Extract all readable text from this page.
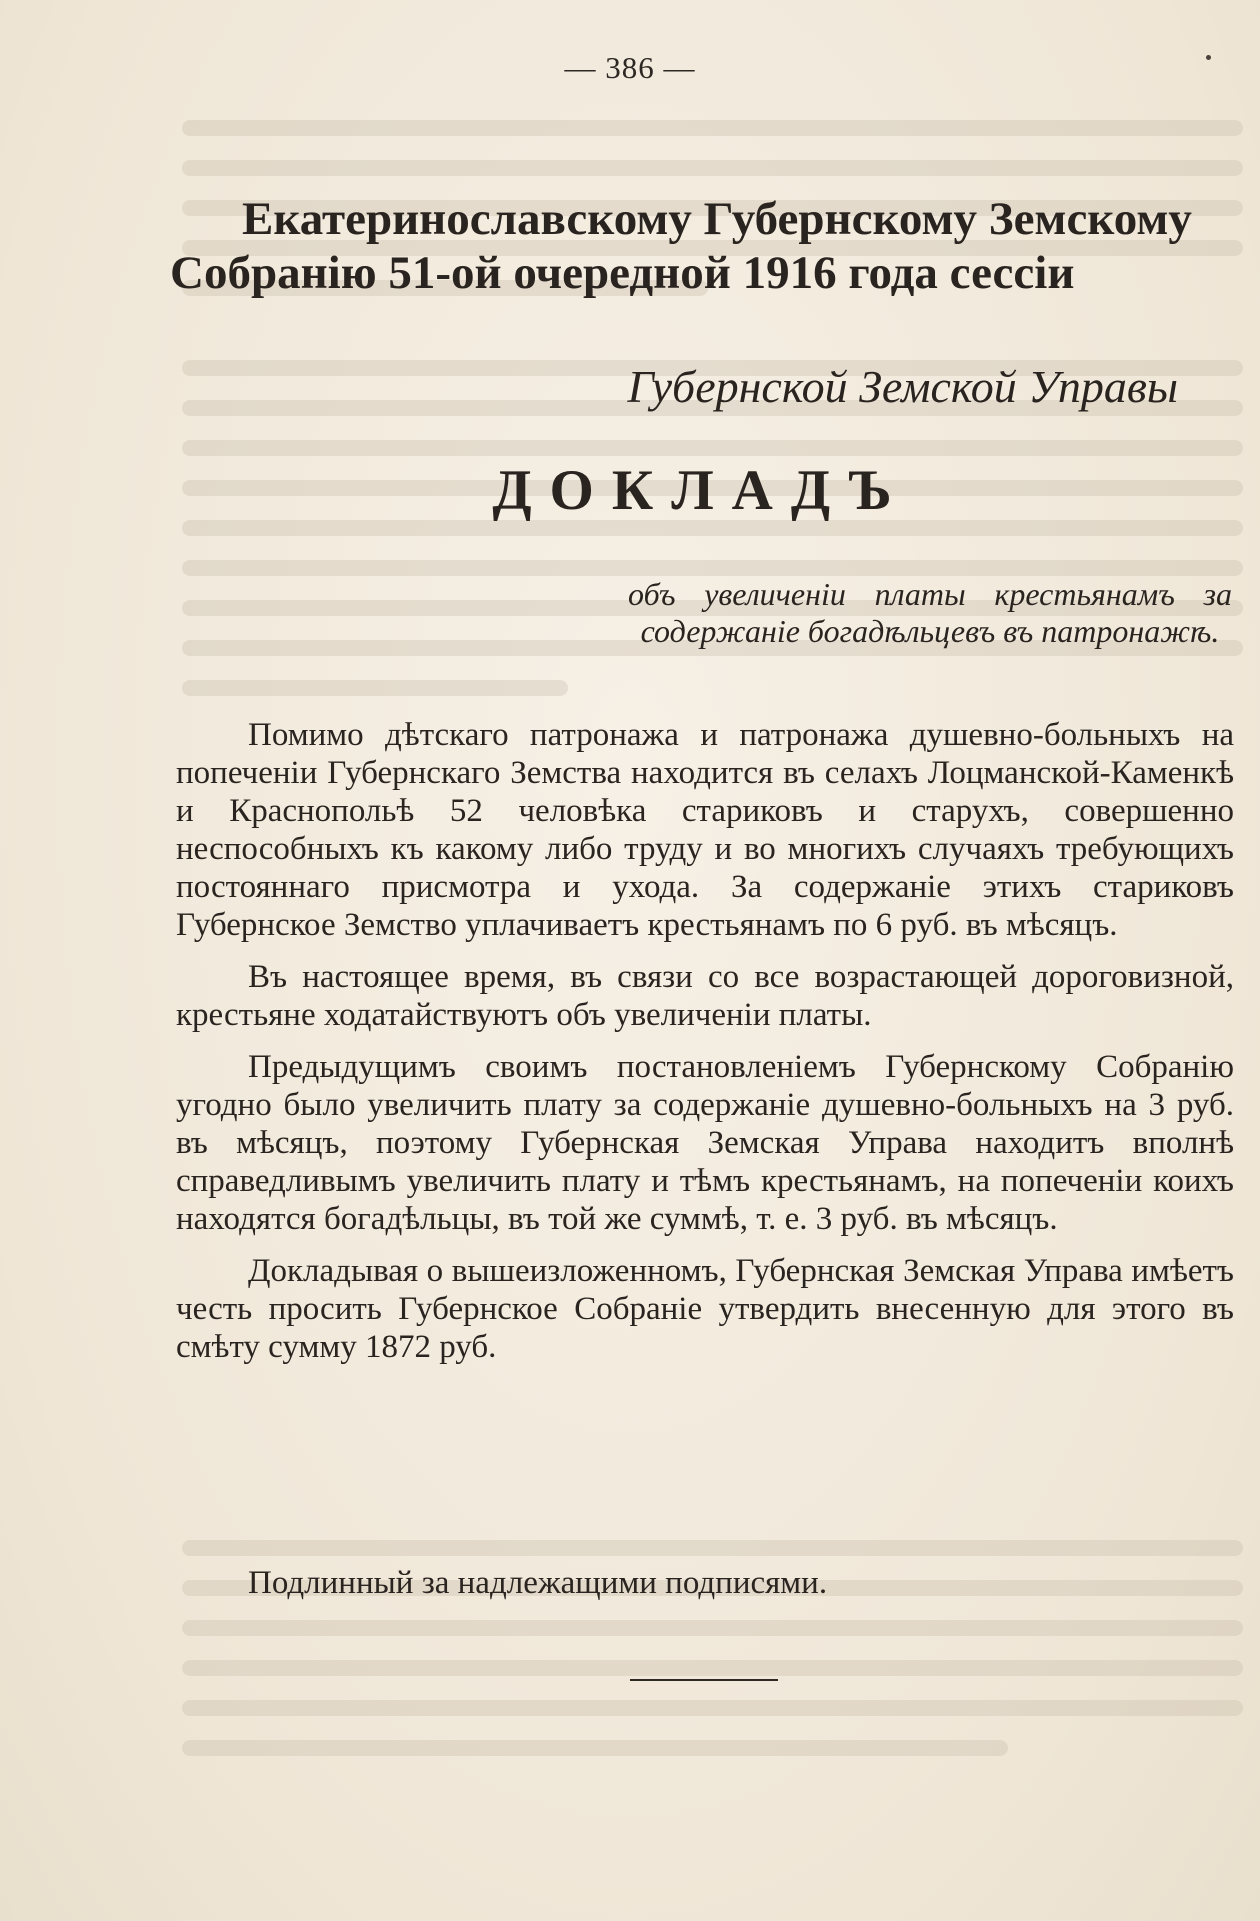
— 386 —
Екатеринославскому Губернскому Земскому
Собранію 51-ой очередной 1916 года сессіи
Губернской Земской Управы
ДОКЛАДЪ
объ увеличеніи платы крестьянамъ за содержаніе богадѣльцевъ въ патронажѣ.

Помимо дѣтскаго патронажа и патронажа душевно-больныхъ на попеченіи Губернскаго Земства находится въ селахъ Лоцманской-Каменкѣ и Краснопольѣ 52 человѣка стариковъ и старухъ, совершенно неспособныхъ къ какому либо труду и во многихъ случаяхъ требующихъ постояннаго присмотра и ухода. За содержаніе этихъ стариковъ Губернское Земство уплачиваетъ крестьянамъ по 6 руб. въ мѣсяцъ.

Въ настоящее время, въ связи со все возрастающей дороговизной, крестьяне ходатайствуютъ объ увеличеніи платы.

Предыдущимъ своимъ постановленіемъ Губернскому Собранію угодно было увеличить плату за содержаніе душевно-больныхъ на 3 руб. въ мѣсяцъ, поэтому Губернская Земская Управа находитъ вполнѣ справедливымъ увеличить плату и тѣмъ крестьянамъ, на попеченіи коихъ находятся богадѣльцы, въ той же суммѣ, т. е. 3 руб. въ мѣсяцъ.

Докладывая о вышеизложенномъ, Губернская Земская Управа имѣетъ честь просить Губернское Собраніе утвердить внесенную для этого въ смѣту сумму 1872 руб.

Подлинный за надлежащими подписями.
